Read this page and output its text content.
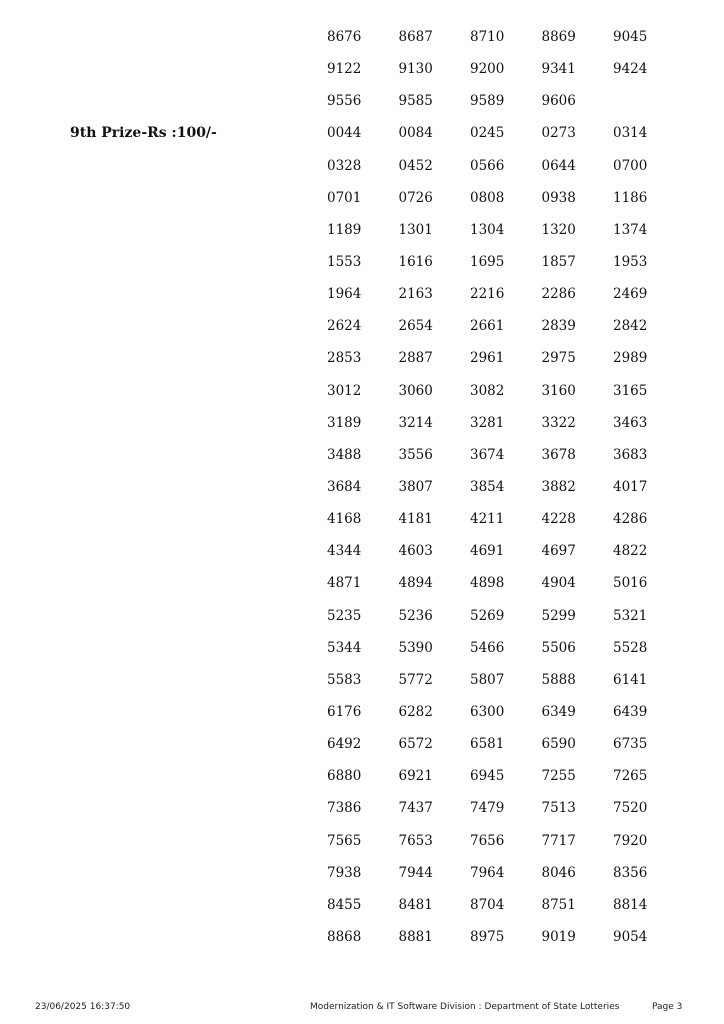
9th Prize-Rs :100/-
8676	8687	8710	8869	9045
9122	9130	9200	9341	9424
9556	9585	9589	9606
0044	0084	0245	0273	0314
0328	0452	0566	0644	0700
0701	0726	0808	0938	1186
1189	1301	1304	1320	1374
1553	1616	1695	1857	1953
1964	2163	2216	2286	2469
2624	2654	2661	2839	2842
2853	2887	2961	2975	2989
3012	3060	3082	3160	3165
3189	3214	3281	3322	3463
3488	3556	3674	3678	3683
3684	3807	3854	3882	4017
4168	4181	4211	4228	4286
4344	4603	4691	4697	4822
4871	4894	4898	4904	5016
5235	5236	5269	5299	5321
5344	5390	5466	5506	5528
5583	5772	5807	5888	6141
6176	6282	6300	6349	6439
6492	6572	6581	6590	6735
6880	6921	6945	7255	7265
7386	7437	7479	7513	7520
7565	7653	7656	7717	7920
7938	7944	7964	8046	8356
8455	8481	8704	8751	8814
8868	8881	8975	9019	9054
23/06/2025 16:37:50	Modernization & IT Software Division : Department of State Lotteries	Page 3
